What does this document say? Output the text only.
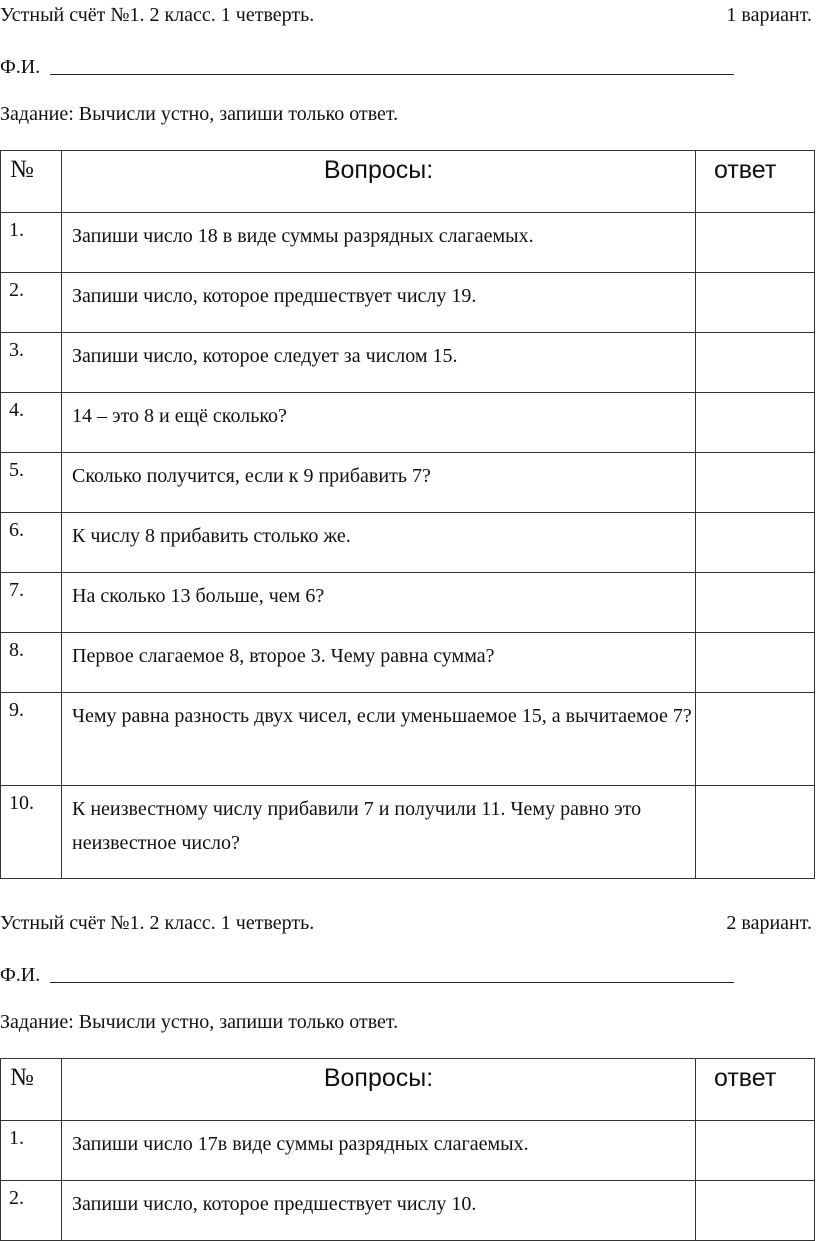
Устный счёт №1. 2 класс. 1 четверть.	1 вариант.
Ф.И.
Задание: Вычисли устно, запиши только ответ.
№	Вопросы:	ответ
1.	Запиши число 18 в виде суммы разрядных слагаемых.	
2.	Запиши число, которое предшествует числу 19.	
3.	Запиши число, которое следует за числом 15.	
4.	14 – это 8 и ещё сколько?	
5.	Сколько получится, если к 9 прибавить 7?	
6.	К числу 8 прибавить столько же.	
7.	На сколько 13 больше, чем 6?	
8.	Первое слагаемое 8, второе 3. Чему равна сумма?	
9.	Чему равна разность двух чисел, если уменьшаемое 15, а вычитаемое 7?	
10.	К неизвестному числу прибавили 7 и получили 11. Чему равно это неизвестное число?	
Устный счёт №1. 2 класс. 1 четверть.	2 вариант.
Ф.И.
Задание: Вычисли устно, запиши только ответ.
№	Вопросы:	ответ
1.	Запиши число 17в виде суммы разрядных слагаемых.	
2.	Запиши число, которое предшествует числу 10.	
